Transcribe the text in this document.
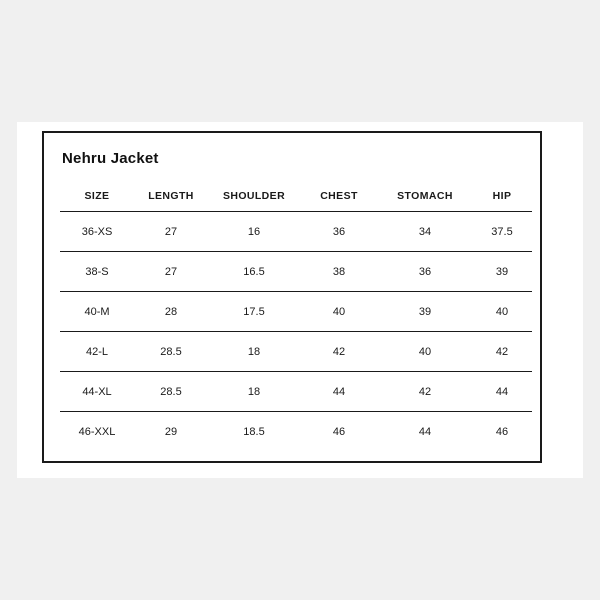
Nehru Jacket
SIZE	LENGTH	SHOULDER	CHEST	STOMACH	HIP
36-XS	27	16	36	34	37.5
38-S	27	16.5	38	36	39
40-M	28	17.5	40	39	40
42-L	28.5	18	42	40	42
44-XL	28.5	18	44	42	44
46-XXL	29	18.5	46	44	46
